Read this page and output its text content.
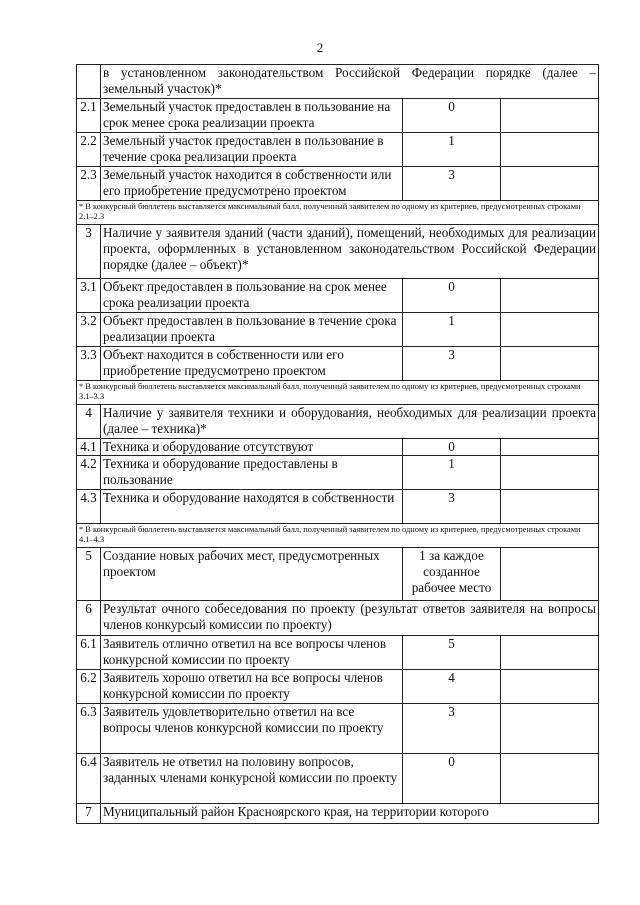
2
	в установленном законодательством Российской Федерации порядке (далее – земельный участок)*		
2.1	Земельный участок предоставлен в пользование на срок менее срока реализации проекта	0	
2.2	Земельный участок предоставлен в пользование в течение срока реализации проекта	1	
2.3	Земельный участок находится в собственности или его приобретение предусмотрено проектом	3	
* В конкурсный бюллетень выставляется максимальный балл, полученный заявителем по одному из критериев, предусмотренных строками 2.1–2.3			
3	Наличие у заявителя зданий (части зданий), помещений, необходимых для реализации проекта, оформленных в установленном законодательством Российской Федерации порядке (далее – объект)*		
3.1	Объект предоставлен в пользование на срок менее срока реализации проекта	0	
3.2	Объект предоставлен в пользование в течение срока реализации проекта	1	
3.3	Объект находится в собственности или его приобретение предусмотрено проектом	3	
* В конкурсный бюллетень выставляется максимальный балл, полученный заявителем по одному из критериев, предусмотренных строками 3.1–3.3			
4	Наличие у заявителя техники и оборудования, необходимых для реализации проекта (далее – техника)*		
4.1	Техника и оборудование отсутствуют	0	
4.2	Техника и оборудование предоставлены в пользование	1	
4.3	Техника и оборудование находятся в собственности	3	
* В конкурсный бюллетень выставляется максимальный балл, полученный заявителем по одному из критериев, предусмотренных строками 4.1–4.3			
5	Создание новых рабочих мест, предусмотренных проектом	1 за каждое созданное рабочее место	
6	Результат очного собеседования по проекту (результат ответов заявителя на вопросы членов конкурсый комиссии по проекту)		
6.1	Заявитель отлично ответил на все вопросы членов конкурсной комиссии по проекту	5	
6.2	Заявитель хорошо ответил на все вопросы членов конкурсной комиссии по проекту	4	
6.3	Заявитель удовлетворительно ответил на все вопросы членов конкурсной комиссии по проекту	3	
6.4	Заявитель не ответил на половину вопросов, заданных членами конкурсной комиссии по проекту	0	
7	Муниципальный район Красноярского края, на территории которого		
